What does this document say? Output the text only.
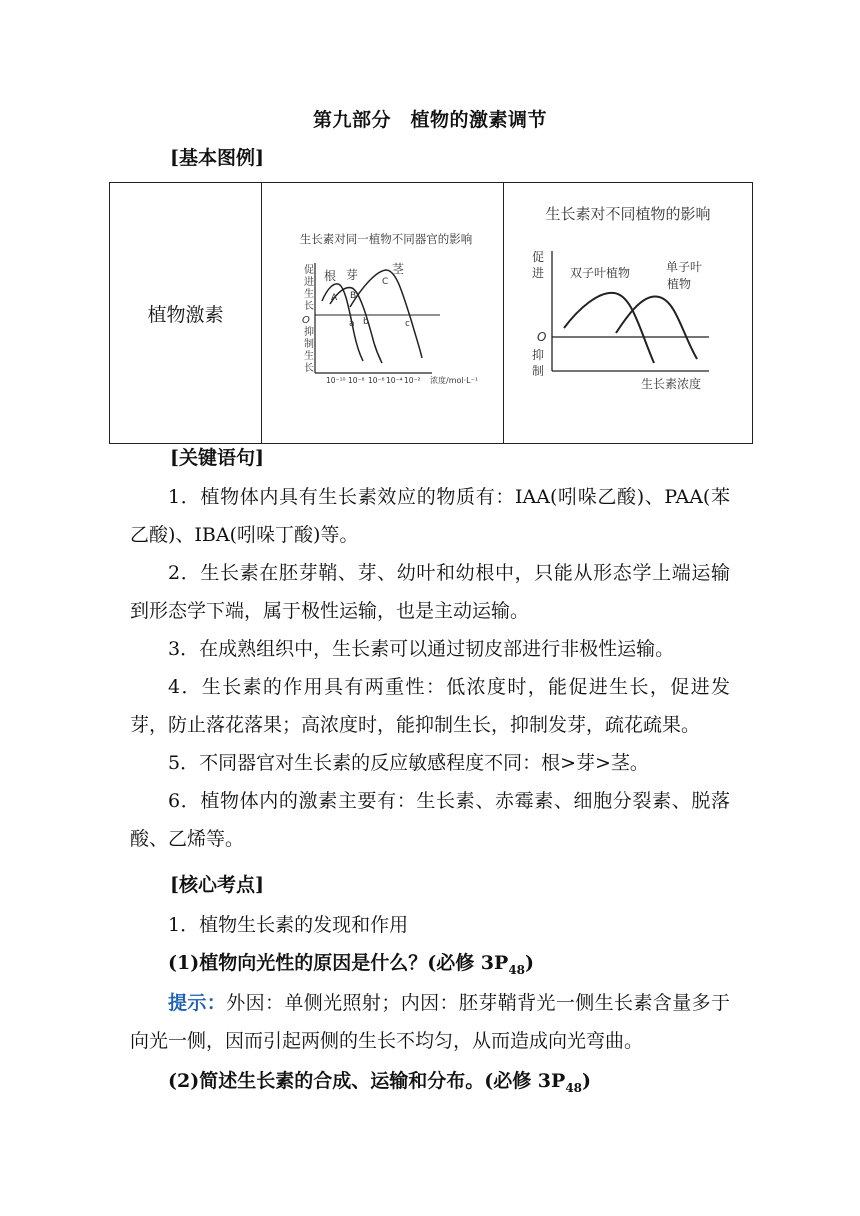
第九部分　植物的激素调节
[基本图例]
植物激素	
生长素对同一植物不同器官的影响
促
进
生
长
O
抑
制
生
长
根 芽	茎
A B
C
a b	c
10⁻¹⁰ 10⁻⁸ 10⁻⁶ 10⁻⁴ 10⁻² 浓度/mol·L⁻¹

生长素对不同植物的影响
促
进
O
抑
制
双子叶植物	单子叶
植物
生长素浓度
[关键语句]
1．植物体内具有生长素效应的物质有：IAA(吲哚乙酸)、PAA(苯乙酸)、IBA(吲哚丁酸)等。
2．生长素在胚芽鞘、芽、幼叶和幼根中，只能从形态学上端运输到形态学下端，属于极性运输，也是主动运输。
3．在成熟组织中，生长素可以通过韧皮部进行非极性运输。
4．生长素的作用具有两重性：低浓度时，能促进生长，促进发芽，防止落花落果；高浓度时，能抑制生长，抑制发芽，疏花疏果。
5．不同器官对生长素的反应敏感程度不同：根>芽>茎。
6．植物体内的激素主要有：生长素、赤霉素、细胞分裂素、脱落酸、乙烯等。
[核心考点]
1．植物生长素的发现和作用
(1)植物向光性的原因是什么？(必修 $3P_{48}$)
提示：外因：单侧光照射；内因：胚芽鞘背光一侧生长素含量多于向光一侧，因而引起两侧的生长不均匀，从而造成向光弯曲。
(2)简述生长素的合成、运输和分布。(必修 $3P_{48}$)
